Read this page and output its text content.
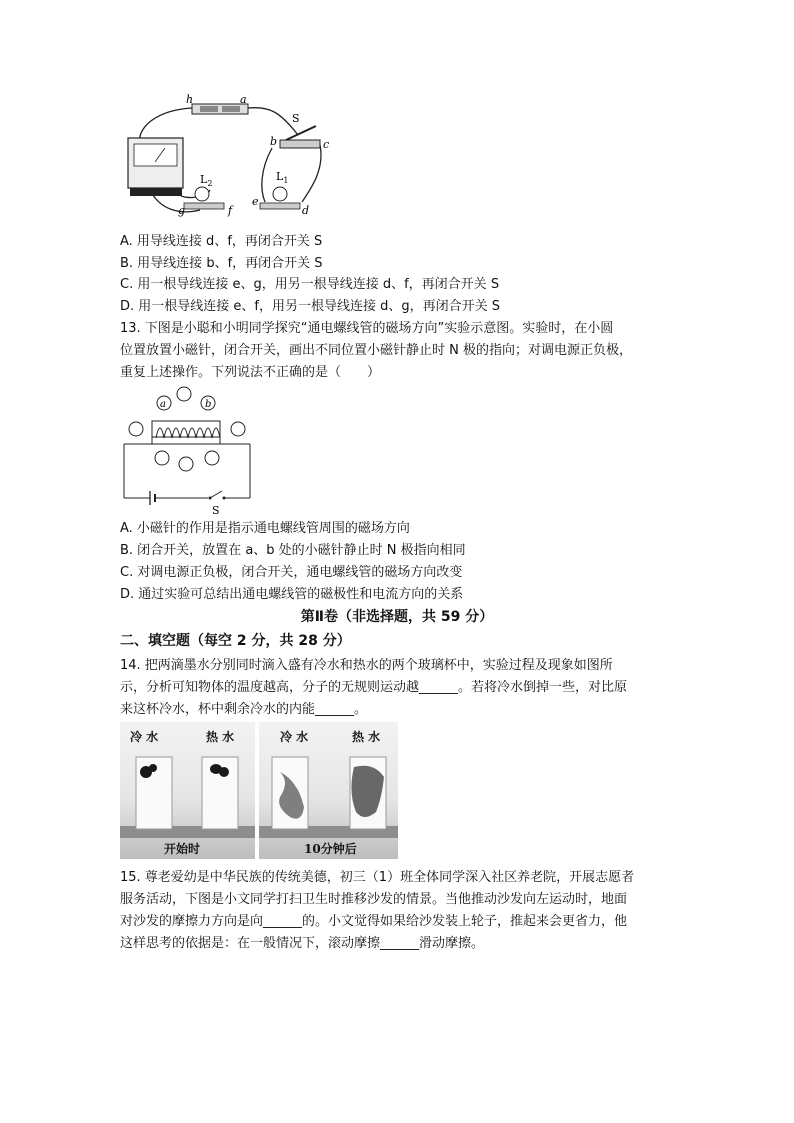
h	a
S
b	c
$L_2$
$L_1$
e
d
g	f
A. 用导线连接 d、f，再闭合开关 S
B. 用导线连接 b、f，再闭合开关 S
C. 用一根导线连接 e、g，用另一根导线连接 d、f，再闭合开关 S
D. 用一根导线连接 e、f，用另一根导线连接 d、g，再闭合开关 S
13. 下图是小聪和小明同学探究“通电螺线管的磁场方向”实验示意图。实验时，在小圆
位置放置小磁针，闭合开关，画出不同位置小磁针静止时 N 极的指向；对调电源正负极，
重复上述操作。下列说法不正确的是（　　）
a	b
S
A. 小磁针的作用是指示通电螺线管周围的磁场方向
B. 闭合开关，放置在 a、b 处的小磁针静止时 N 极指向相同
C. 对调电源正负极，闭合开关，通电螺线管的磁场方向改变
D. 通过实验可总结出通电螺线管的磁极性和电流方向的关系
第Ⅱ卷（非选择题，共 59 分）
二、填空题（每空 2 分，共 28 分）
14. 把两滴墨水分别同时滴入盛有冷水和热水的两个玻璃杯中，实验过程及现象如图所
示，分析可知物体的温度越高，分子的无规则运动越______。若将冷水倒掉一些，对比原
来这杯冷水，杯中剩余冷水的内能______。
冷 水	热 水	冷 水	热 水
开始时	10分钟后
15. 尊老爱幼是中华民族的传统美德，初三（1）班全体同学深入社区养老院，开展志愿者
服务活动，下图是小文同学打扫卫生时推移沙发的情景。当他推动沙发向左运动时，地面
对沙发的摩擦力方向是向______的。小文觉得如果给沙发装上轮子，推起来会更省力，他
这样思考的依据是：在一般情况下，滚动摩擦______滑动摩擦。
